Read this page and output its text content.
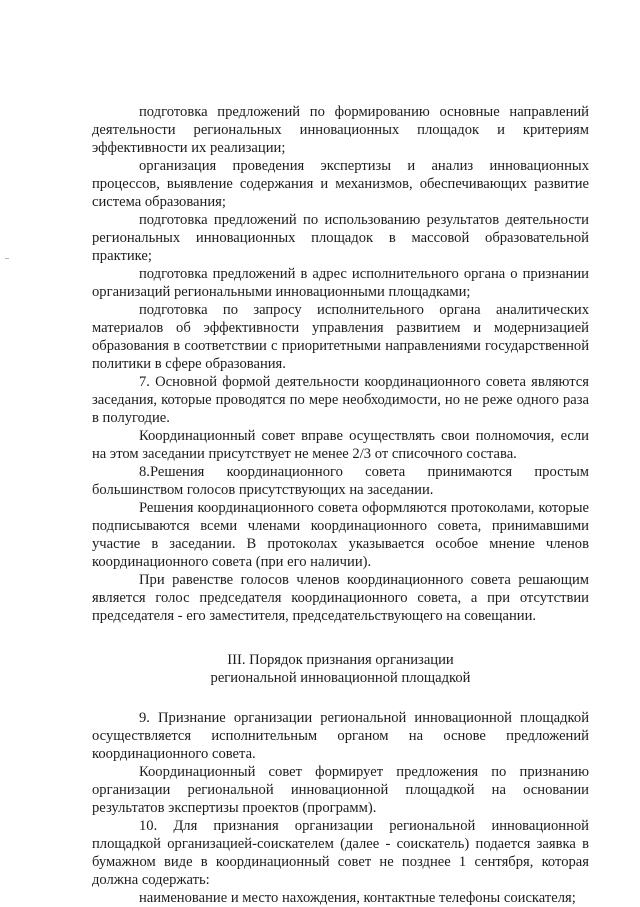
подготовка предложений по формированию основные направлений деятельности региональных инновационных площадок и критериям эффективности их реализации;

организация проведения экспертизы и анализ инновационных процессов, выявление содержания и механизмов, обеспечивающих развитие система образования;

подготовка предложений по использованию результатов деятельности региональных инновационных площадок в массовой образовательной практике;

подготовка предложений в адрес исполнительного органа о признании организаций региональными инновационными площадками;

подготовка по запросу исполнительного органа аналитических материалов об эффективности управления развитием и модернизацией образования в соответствии с приоритетными направлениями государственной политики в сфере образования.

7. Основной формой деятельности координационного совета являются заседания, которые проводятся по мере необходимости, но не реже одного раза в полугодие.

Координационный совет вправе осуществлять свои полномочия, если на этом заседании присутствует не менее 2/3 от списочного состава.

8.Решения координационного совета принимаются простым большинством голосов присутствующих на заседании.

Решения координационного совета оформляются протоколами, которые подписываются всеми членами координационного совета, принимавшими участие в заседании. В протоколах указывается особое мнение членов координационного совета (при его наличии).

При равенстве голосов членов координационного совета решающим является голос председателя координационного совета, а при отсутствии председателя - его заместителя, председательствующего на совещании.

III. Порядок признания организации

региональной инновационной площадкой

9. Признание организации региональной инновационной площадкой осуществляется исполнительным органом на основе предложений координационного совета.

Координационный совет формирует предложения по признанию организации региональной инновационной площадкой на основании результатов экспертизы проектов (программ).

10. Для признания организации региональной инновационной площадкой организацией-соискателем (далее - соискатель) подается заявка в бумажном виде в координационный совет не позднее 1 сентября, которая должна содержать:

наименование и место нахождения, контактные телефоны соискателя;
